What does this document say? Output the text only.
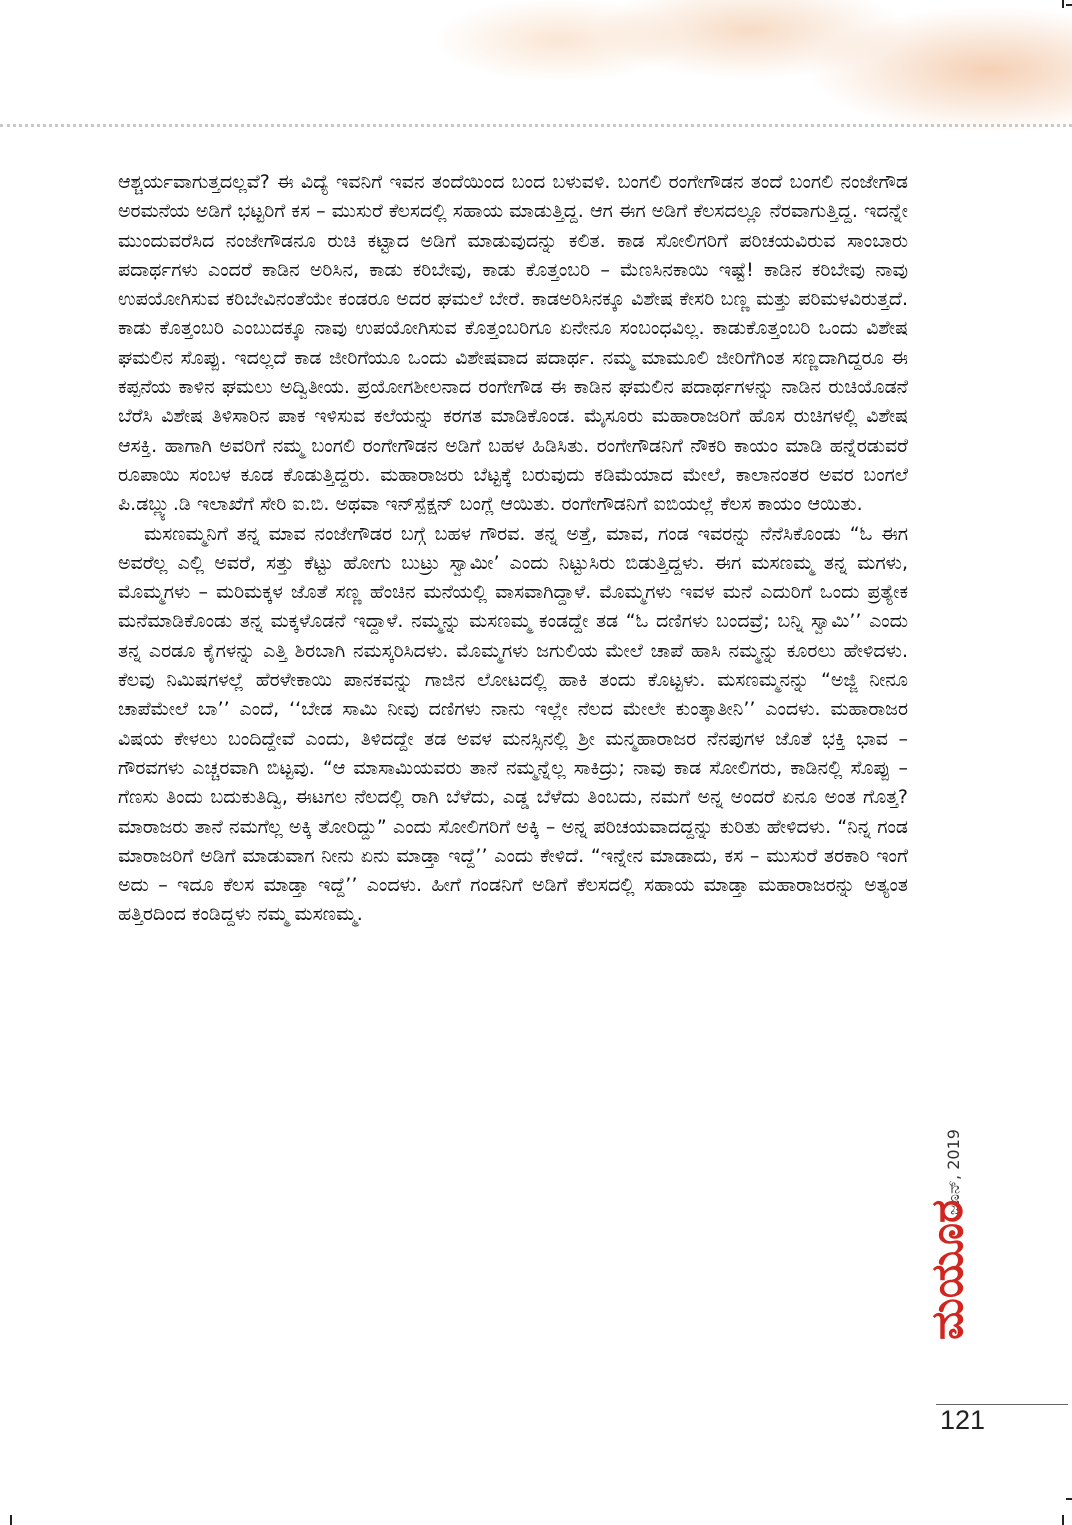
ಆಶ್ಚರ್ಯವಾಗುತ್ತದಲ್ಲವೆ? ಈ ವಿದ್ಯೆ ಇವನಿಗೆ ಇವನ ತಂದೆಯಿಂದ ಬಂದ ಬಳುವಳಿ. ಬಂಗಲಿ ರಂಗೇಗೌಡನ ತಂದೆ ಬಂಗಲಿ ನಂಜೇಗೌಡ ಅರಮನೆಯ ಅಡಿಗೆ ಭಟ್ಟರಿಗೆ ಕಸ – ಮುಸುರೆ ಕೆಲಸದಲ್ಲಿ ಸಹಾಯ ಮಾಡುತ್ತಿದ್ದ. ಆಗ ಈಗ ಅಡಿಗೆ ಕೆಲಸದಲ್ಲೂ ನೆರವಾಗುತ್ತಿದ್ದ. ಇದನ್ನೇ ಮುಂದುವರೆಸಿದ ನಂಜೇಗೌಡನೂ ರುಚಿ ಕಟ್ಟಾದ ಅಡಿಗೆ ಮಾಡುವುದನ್ನು ಕಲಿತ. ಕಾಡ ಸೋಲಿಗರಿಗೆ ಪರಿಚಯವಿರುವ ಸಾಂಬಾರು ಪದಾರ್ಥಗಳು ಎಂದರೆ ಕಾಡಿನ ಅರಿಸಿನ, ಕಾಡು ಕರಿಬೇವು, ಕಾಡು ಕೊತ್ತಂಬರಿ – ಮೆಣಸಿನಕಾಯಿ ಇಷ್ಟೆ! ಕಾಡಿನ ಕರಿಬೇವು ನಾವು ಉಪಯೋಗಿಸುವ ಕರಿಬೇವಿನಂತೆಯೇ ಕಂಡರೂ ಅದರ ಘಮಲೆ ಬೇರೆ. ಕಾಡಅರಿಸಿನಕ್ಕೂ ವಿಶೇಷ ಕೇಸರಿ ಬಣ್ಣ ಮತ್ತು ಪರಿಮಳವಿರುತ್ತದೆ. ಕಾಡು ಕೊತ್ತಂಬರಿ ಎಂಬುದಕ್ಕೂ ನಾವು ಉಪಯೋಗಿಸುವ ಕೊತ್ತಂಬರಿಗೂ ಏನೇನೂ ಸಂಬಂಧವಿಲ್ಲ. ಕಾಡುಕೊತ್ತಂಬರಿ ಒಂದು ವಿಶೇಷ ಘಮಲಿನ ಸೊಪ್ಪು. ಇದಲ್ಲದೆ ಕಾಡ ಜೀರಿಗೆಯೂ ಒಂದು ವಿಶೇಷವಾದ ಪದಾರ್ಥ. ನಮ್ಮ ಮಾಮೂಲಿ ಜೀರಿಗೆಗಿಂತ ಸಣ್ಣದಾಗಿದ್ದರೂ ಈ ಕಪ್ಪನೆಯ ಕಾಳಿನ ಘಮಲು ಅದ್ವಿತೀಯ. ಪ್ರಯೋಗಶೀಲನಾದ ರಂಗೇಗೌಡ ಈ ಕಾಡಿನ ಘಮಲಿನ ಪದಾರ್ಥಗಳನ್ನು ನಾಡಿನ ರುಚಿಯೊಡನೆ ಬೆರೆಸಿ ವಿಶೇಷ ತಿಳಿಸಾರಿನ ಪಾಕ ಇಳಿಸುವ ಕಲೆಯನ್ನು ಕರಗತ ಮಾಡಿಕೊಂಡ. ಮೈಸೂರು ಮಹಾರಾಜರಿಗೆ ಹೊಸ ರುಚಿಗಳಲ್ಲಿ ವಿಶೇಷ ಆಸಕ್ತಿ. ಹಾಗಾಗಿ ಅವರಿಗೆ ನಮ್ಮ ಬಂಗಲಿ ರಂಗೇಗೌಡನ ಅಡಿಗೆ ಬಹಳ ಹಿಡಿಸಿತು. ರಂಗೇಗೌಡನಿಗೆ ನೌಕರಿ ಕಾಯಂ ಮಾಡಿ ಹನ್ನೆರಡುವರೆ ರೂಪಾಯಿ ಸಂಬಳ ಕೂಡ ಕೊಡುತ್ತಿದ್ದರು. ಮಹಾರಾಜರು ಬೆಟ್ಟಕ್ಕೆ ಬರುವುದು ಕಡಿಮೆಯಾದ ಮೇಲೆ, ಕಾಲಾನಂತರ ಅವರ ಬಂಗಲೆ ಪಿ.ಡಬ್ಲ್ಯು.ಡಿ ಇಲಾಖೆಗೆ ಸೇರಿ ಐ.ಬಿ. ಅಥವಾ ಇನ್‌ಸ್ಪೆಕ್ಷನ್ ಬಂಗ್ಲೆ ಆಯಿತು. ರಂಗೇಗೌಡನಿಗೆ ಐಬಿಯಲ್ಲೆ ಕೆಲಸ ಕಾಯಂ ಆಯಿತು.

ಮಸಣಮ್ಮನಿಗೆ ತನ್ನ ಮಾವ ನಂಜೇಗೌಡರ ಬಗ್ಗೆ ಬಹಳ ಗೌರವ. ತನ್ನ ಅತ್ತೆ, ಮಾವ, ಗಂಡ ಇವರನ್ನು ನೆನೆಸಿಕೊಂಡು “ಓ ಈಗ ಅವರೆಲ್ಲ ಎಲ್ಲಿ ಅವರೆ, ಸತ್ತು ಕೆಟ್ಟು ಹೋಗು ಬುಟ್ರು ಸ್ವಾಮೀ’ ಎಂದು ನಿಟ್ಟುಸಿರು ಬಿಡುತ್ತಿದ್ದಳು. ಈಗ ಮಸಣಮ್ಮ ತನ್ನ ಮಗಳು, ಮೊಮ್ಮಗಳು – ಮರಿಮಕ್ಕಳ ಜೊತೆ ಸಣ್ಣ ಹೆಂಚಿನ ಮನೆಯಲ್ಲಿ ವಾಸವಾಗಿದ್ದಾಳೆ. ಮೊಮ್ಮಗಳು ಇವಳ ಮನೆ ಎದುರಿಗೆ ಒಂದು ಪ್ರತ್ಯೇಕ ಮನೆಮಾಡಿಕೊಂಡು ತನ್ನ ಮಕ್ಕಳೊಡನೆ ಇದ್ದಾಳೆ. ನಮ್ಮನ್ನು ಮಸಣಮ್ಮ ಕಂಡದ್ದೇ ತಡ “ಓ ದಣಿಗಳು ಬಂದವ್ರೆ; ಬನ್ನಿ ಸ್ವಾಮಿ’’ ಎಂದು ತನ್ನ ಎರಡೂ ಕೈಗಳನ್ನು ಎತ್ತಿ ಶಿರಬಾಗಿ ನಮಸ್ಕರಿಸಿದಳು. ಮೊಮ್ಮಗಳು ಜಗುಲಿಯ ಮೇಲೆ ಚಾಪೆ ಹಾಸಿ ನಮ್ಮನ್ನು ಕೂರಲು ಹೇಳಿದಳು. ಕೆಲವು ನಿಮಿಷಗಳಲ್ಲೆ ಹೆರಳೇಕಾಯಿ ಪಾನಕವನ್ನು ಗಾಜಿನ ಲೋಟದಲ್ಲಿ ಹಾಕಿ ತಂದು ಕೊಟ್ಟಳು. ಮಸಣಮ್ಮನನ್ನು “ಅಜ್ಜಿ ನೀನೂ ಚಾಪೆಮೇಲೆ ಬಾ’’ ಎಂದೆ, ‘‘ಬೇಡ ಸಾಮಿ ನೀವು ದಣಿಗಳು ನಾನು ಇಲ್ಲೇ ನೆಲದ ಮೇಲೇ ಕುಂತ್ಕಾತೀನಿ’’ ಎಂದಳು. ಮಹಾರಾಜರ ವಿಷಯ ಕೇಳಲು ಬಂದಿದ್ದೇವೆ ಎಂದು, ತಿಳಿದದ್ದೇ ತಡ ಅವಳ ಮನಸ್ಸಿನಲ್ಲಿ ಶ್ರೀ ಮನ್ಮಹಾರಾಜರ ನೆನಪುಗಳ ಜೊತೆ ಭಕ್ತಿ ಭಾವ – ಗೌರವಗಳು ಎಚ್ಚರವಾಗಿ ಬಿಟ್ಟವು. “ಆ ಮಾಸಾಮಿಯವರು ತಾನೆ ನಮ್ಮನ್ನೆಲ್ಲ ಸಾಕಿದ್ರು; ನಾವು ಕಾಡ ಸೋಲಿಗರು, ಕಾಡಿನಲ್ಲಿ ಸೊಪ್ಪು – ಗೆಣಸು ತಿಂದು ಬದುಕುತಿದ್ವಿ, ಈಟಗಲ ನೆಲದಲ್ಲಿ ರಾಗಿ ಬೆಳೆದು, ಎಡ್ಡ ಬೆಳೆದು ತಿಂಬದು, ನಮಗೆ ಅನ್ನ ಅಂದರೆ ಏನೂ ಅಂತ ಗೊತ್ತ? ಮಾರಾಜರು ತಾನೆ ನಮಗೆಲ್ಲ ಅಕ್ಕಿ ತೋರಿದ್ದು” ಎಂದು ಸೋಲಿಗರಿಗೆ ಅಕ್ಕಿ – ಅನ್ನ ಪರಿಚಯವಾದದ್ದನ್ನು ಕುರಿತು ಹೇಳಿದಳು. “ನಿನ್ನ ಗಂಡ ಮಾರಾಜರಿಗೆ ಅಡಿಗೆ ಮಾಡುವಾಗ ನೀನು ಏನು ಮಾಡ್ತಾ ಇದ್ದೆ’’ ಎಂದು ಕೇಳಿದೆ. “ಇನ್ನೇನ ಮಾಡಾದು, ಕಸ – ಮುಸುರೆ ತರಕಾರಿ ಇಂಗೆ ಅದು – ಇದೂ ಕೆಲಸ ಮಾಡ್ತಾ ಇದ್ದೆ’’ ಎಂದಳು. ಹೀಗೆ ಗಂಡನಿಗೆ ಅಡಿಗೆ ಕೆಲಸದಲ್ಲಿ ಸಹಾಯ ಮಾಡ್ತಾ ಮಹಾರಾಜರನ್ನು ಅತ್ಯಂತ ಹತ್ತಿರದಿಂದ ಕಂಡಿದ್ದಳು ನಮ್ಮ ಮಸಣಮ್ಮ.

ಜೂನ್, 2019
ಮಯೂರ
121
